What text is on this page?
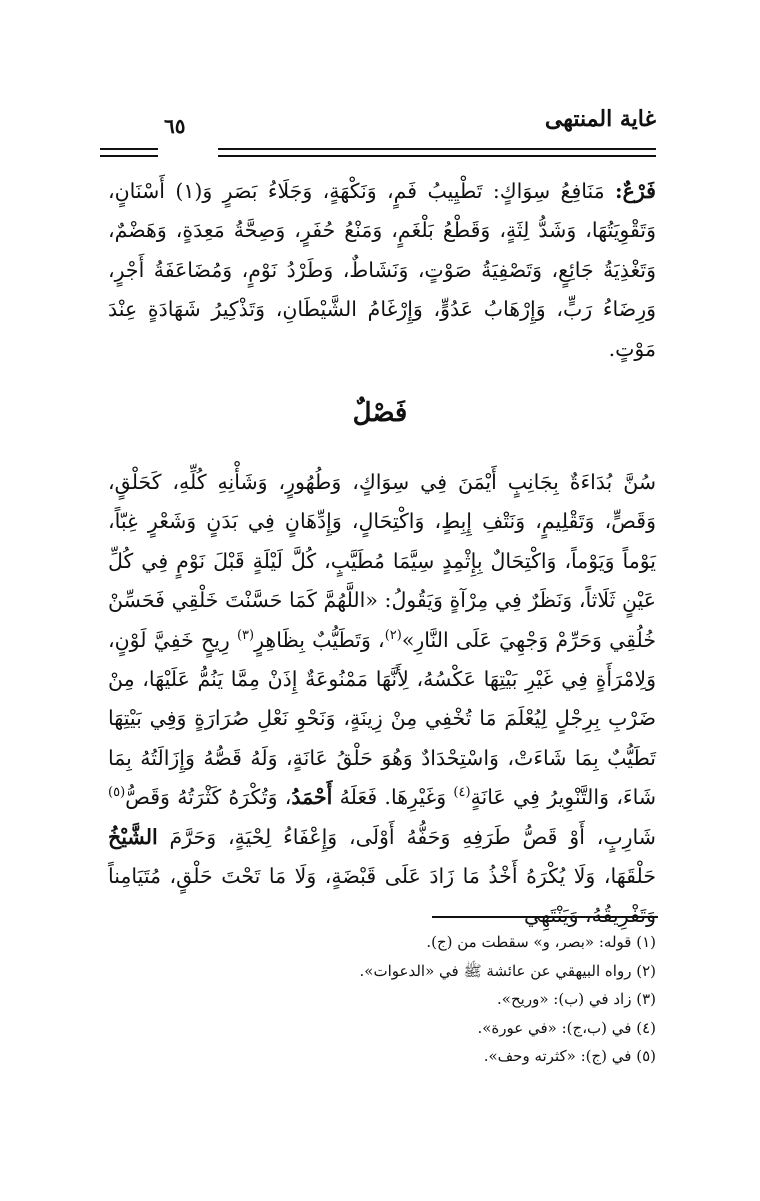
غاية المنتهى
٦٥
فَرْعٌ: مَنَافِعُ سِوَاكٍ: تَطْيِيبُ فَمٍ، وَنَكْهَةٍ، وَجَلَاءُ بَصَرٍ وَ(١) أَسْنَانٍ، وَتَقْوِيَتُهَا، وَشَدُّ لِثَةٍ، وَقَطْعُ بَلْغَمٍ، وَمَنْعُ حُفَرٍ، وَصِحَّةُ مَعِدَةٍ، وَهَضْمٌ، وَتَغْذِيَةُ جَائِعٍ، وَتَصْفِيَةُ صَوْتٍ، وَنَشَاطٌ، وَطَرْدُ نَوْمٍ، وَمُضَاعَفَةُ أَجْرٍ، وَرِضَاءُ رَبٍّ، وَإِرْهَابُ عَدُوٍّ، وَإِرْغَامُ الشَّيْطَانِ، وَتَذْكِيرُ شَهَادَةٍ عِنْدَ مَوْتٍ.
فَصْلٌ
سُنَّ بُدَاءَةٌ بِجَانِبٍ أَيْمَنَ فِي سِوَاكٍ، وَطُهُورٍ، وَشَأْنِهِ كُلِّهِ، كَحَلْقٍ، وَقَصٍّ، وَتَقْلِيمٍ، وَنَتْفِ إِبِطٍ، وَاكْتِحَالٍ، وَإِدِّهَانٍ فِي بَدَنٍ وَشَعْرٍ غِبّاً، يَوْماً وَيَوْماً، وَاكْتِحَالٌ بِإِثْمِدٍ سِيَّمَا مُطَيَّبٍ، كُلَّ لَيْلَةٍ قَبْلَ نَوْمٍ فِي كُلِّ عَيْنٍ ثَلَاثاً، وَنَظَرٌ فِي مِرْآةٍ وَيَقُولُ: «اللَّهُمَّ كَمَا حَسَّنْتَ خَلْقِي فَحَسِّنْ خُلُقِي وَحَرِّمْ وَجْهِيَ عَلَى النَّارِ»$^{(٢)}$، وَتَطَيُّبٌ بِظَاهِرٍ$^{(٣)}$ رِيحٍ خَفِيَّ لَوْنٍ، وَلِامْرَأَةٍ فِي غَيْرِ بَيْتِهَا عَكْسُهُ، لِأَنَّهَا مَمْنُوعَةٌ إِذَنْ مِمَّا يَنُمُّ عَلَيْهَا، مِنْ ضَرْبِ بِرِجْلٍ لِيُعْلَمَ مَا تُخْفِي مِنْ زِينَةٍ، وَنَحْوِ نَعْلِ صُرَارَةٍ وَفِي بَيْتِهَا تَطَيُّبٌ بِمَا شَاءَتْ، وَاسْتِحْدَادٌ وَهُوَ حَلْقُ عَانَةٍ، وَلَهُ قَصُّهُ وَإِزَالَتُهُ بِمَا شَاءَ، وَالتَّنْوِيرُ فِي عَانَةٍ$^{(٤)}$ وَغَيْرِهَا. فَعَلَهُ أَحْمَدُ، وَتُكْرَهُ كَثْرَتُهُ وَقَصُّ$^{(٥)}$ شَارِبٍ، أَوْ قَصُّ طَرَفِهِ وَحَفُّهُ أَوْلَى، وَإِعْفَاءُ لِحْيَةٍ، وَحَرَّمَ الشَّيْخُ حَلْقَهَا، وَلَا يُكْرَهُ أَخْذُ مَا زَادَ عَلَى قَبْضَةٍ، وَلَا مَا تَحْتَ حَلْقٍ، مُتَيَامِناً وَتَفْرِيقُهُ، وَيَنْتَهِي
(١) قوله: «بصر، و» سقطت من (ج).
(٢) رواه البيهقي عن عائشة ﷺ في «الدعوات».
(٣) زاد في (ب): «وريح».
(٤) في (ب،ج): «في عورة».
(٥) في (ج): «كثرته وحف».
